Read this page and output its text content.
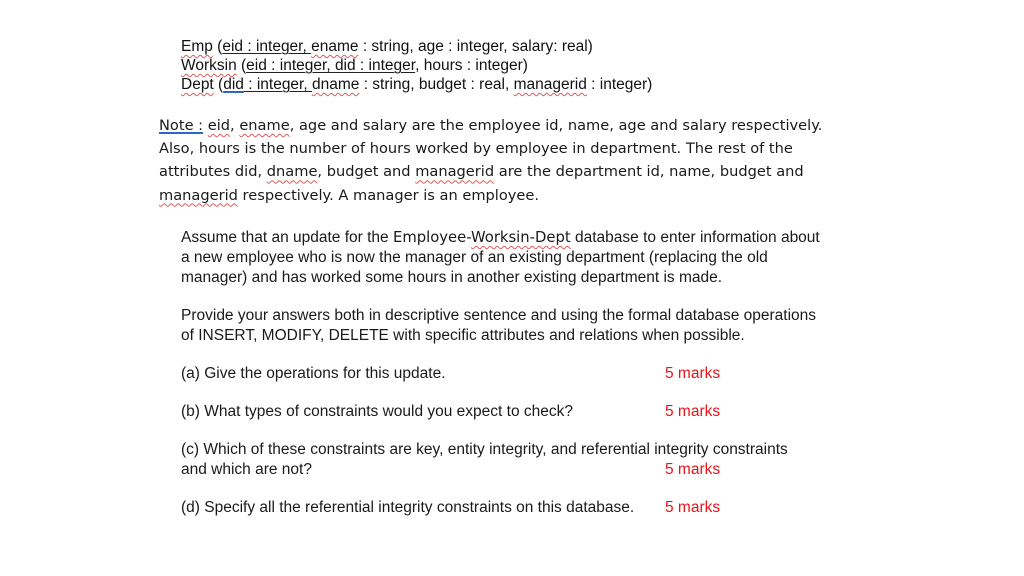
Emp (eid : integer, ename : string, age : integer, salary: real)
Worksin (eid : integer, did : integer, hours : integer)
Dept (did : integer, dname : string, budget : real, managerid : integer)
Note : eid, ename, age and salary are the employee id, name, age and salary respectively.
Also, hours is the number of hours worked by employee in department. The rest of the
attributes did, dname, budget and managerid are the department id, name, budget and
managerid respectively. A manager is an employee.
Assume that an update for the Employee-Worksin-Dept database to enter information about
a new employee who is now the manager of an existing department (replacing the old
manager) and has worked some hours in another existing department is made.
Provide your answers both in descriptive sentence and using the formal database operations
of INSERT, MODIFY, DELETE with specific attributes and relations when possible.
(a) Give the operations for this update.	5 marks
(b) What types of constraints would you expect to check?	5 marks
(c) Which of these constraints are key, entity integrity, and referential integrity constraints
and which are not?	5 marks
(d) Specify all the referential integrity constraints on this database. 5 marks
